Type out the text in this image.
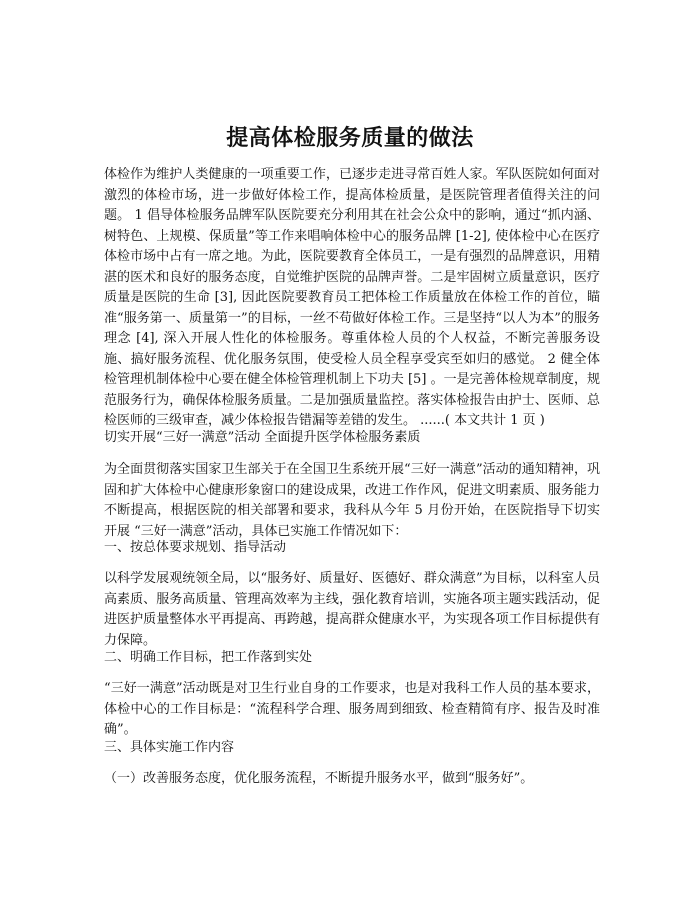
提高体检服务质量的做法

体检作为维护人类健康的一项重要工作，已逐步走进寻常百姓人家。军队医院如何面对激烈的体检市场，进一步做好体检工作，提高体检质量，是医院管理者值得关注的问题。 1 倡导体检服务品牌军队医院要充分利用其在社会公众中的影响，通过“抓内涵、树特色、上规模、保质量”等工作来唱响体检中心的服务品牌 [1-2], 使体检中心在医疗体检市场中占有一席之地。为此，医院要教育全体员工，一是有强烈的品牌意识，用精湛的医术和良好的服务态度，自觉维护医院的品牌声誉。二是牢固树立质量意识，医疗质量是医院的生命 [3], 因此医院要教育员工把体检工作质量放在体检工作的首位，瞄准“服务第一、质量第一”的目标，一丝不苟做好体检工作。三是坚持“以人为本”的服务理念 [4], 深入开展人性化的体检服务。尊重体检人员的个人权益，不断完善服务设施、搞好服务流程、优化服务氛围，使受检人员全程享受宾至如归的感觉。 2 健全体检管理机制体检中心要在健全体检管理机制上下功夫 [5] 。一是完善体检规章制度，规范服务行为，确保体检服务质量。二是加强质量监控。落实体检报告由护士、医师、总检医师的三级审查，减少体检报告错漏等差错的发生。 ......( 本文共计 1 页 )

切实开展“三好一满意”活动 全面提升医学体检服务素质

为全面贯彻落实国家卫生部关于在全国卫生系统开展“三好一满意”活动的通知精神，巩固和扩大体检中心健康形象窗口的建设成果，改进工作作风，促进文明素质、服务能力不断提高，根据医院的相关部署和要求，我科从今年 5 月份开始，在医院指导下切实开展 “三好一满意”活动，具体已实施工作情况如下：

一、按总体要求规划、指导活动

以科学发展观统领全局，以“服务好、质量好、医德好、群众满意”为目标，以科室人员高素质、服务高质量、管理高效率为主线，强化教育培训，实施各项主题实践活动，促进医护质量整体水平再提高、再跨越，提高群众健康水平，为实现各项工作目标提供有力保障。

二、明确工作目标，把工作落到实处

“三好一满意”活动既是对卫生行业自身的工作要求，也是对我科工作人员的基本要求，体检中心的工作目标是：“流程科学合理、服务周到细致、检查精简有序、报告及时准确”。

三、具体实施工作内容

（一）改善服务态度，优化服务流程，不断提升服务水平，做到“服务好”。
